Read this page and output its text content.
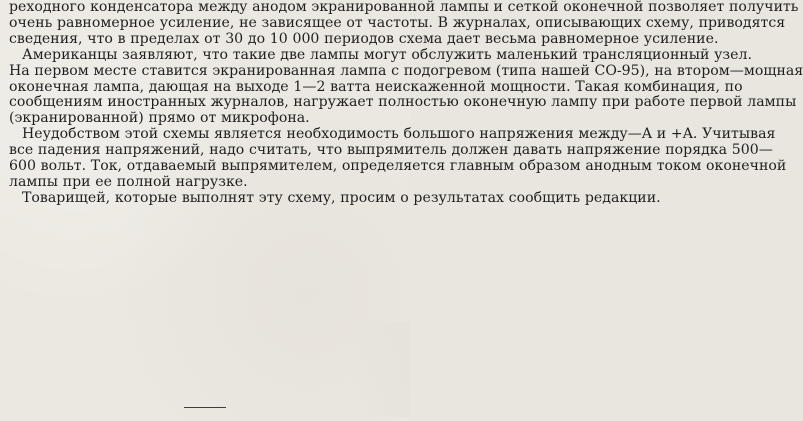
реходного конденсатора между анодом экранированной лампы и сеткой оконечной позволяет получить
очень равномерное усиление, не зависящее от частоты. В журналах, описывающих схему, приводятся
сведения, что в пределах от 30 до 10 000 периодов схема дает весьма равномерное усиление.
Американцы заявляют, что такие две лампы могут обслужить маленький трансляционный узел.
На первом месте ставится экранированная лампа с подогревом (типа нашей СО-95), на втором—мощная
оконечная лампа, дающая на выходе 1—2 ватта неискаженной мощности. Такая комбинация, по
сообщениям иностранных журналов, нагружает полностью оконечную лампу при работе первой лампы
(экранированной) прямо от микрофона.
Неудобством этой схемы является необходимость большого напряжения между—A и +A. Учитывая
все падения напряжений, надо считать, что выпрямитель должен давать напряжение порядка 500—
600 вольт. Ток, отдаваемый выпрямителем, определяется главным образом анодным током оконечной
лампы при ее полной нагрузке.
Товарищей, которые выполнят эту схему, просим о результатах сообщить редакции.
